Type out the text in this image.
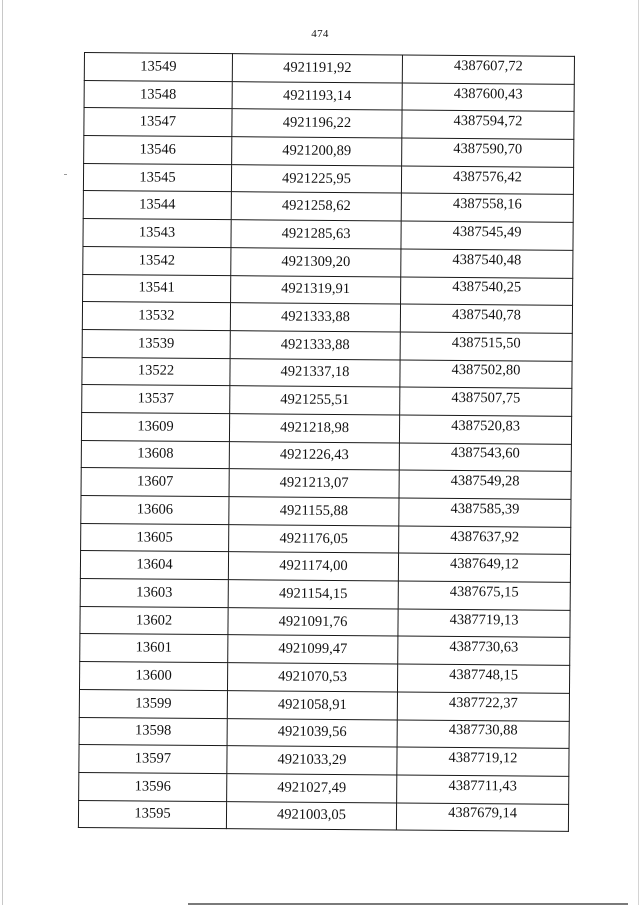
474
13549	4921191,92	4387607,72
13548	4921193,14	4387600,43
13547	4921196,22	4387594,72
13546	4921200,89	4387590,70
13545	4921225,95	4387576,42
13544	4921258,62	4387558,16
13543	4921285,63	4387545,49
13542	4921309,20	4387540,48
13541	4921319,91	4387540,25
13532	4921333,88	4387540,78
13539	4921333,88	4387515,50
13522	4921337,18	4387502,80
13537	4921255,51	4387507,75
13609	4921218,98	4387520,83
13608	4921226,43	4387543,60
13607	4921213,07	4387549,28
13606	4921155,88	4387585,39
13605	4921176,05	4387637,92
13604	4921174,00	4387649,12
13603	4921154,15	4387675,15
13602	4921091,76	4387719,13
13601	4921099,47	4387730,63
13600	4921070,53	4387748,15
13599	4921058,91	4387722,37
13598	4921039,56	4387730,88
13597	4921033,29	4387719,12
13596	4921027,49	4387711,43
13595	4921003,05	4387679,14
